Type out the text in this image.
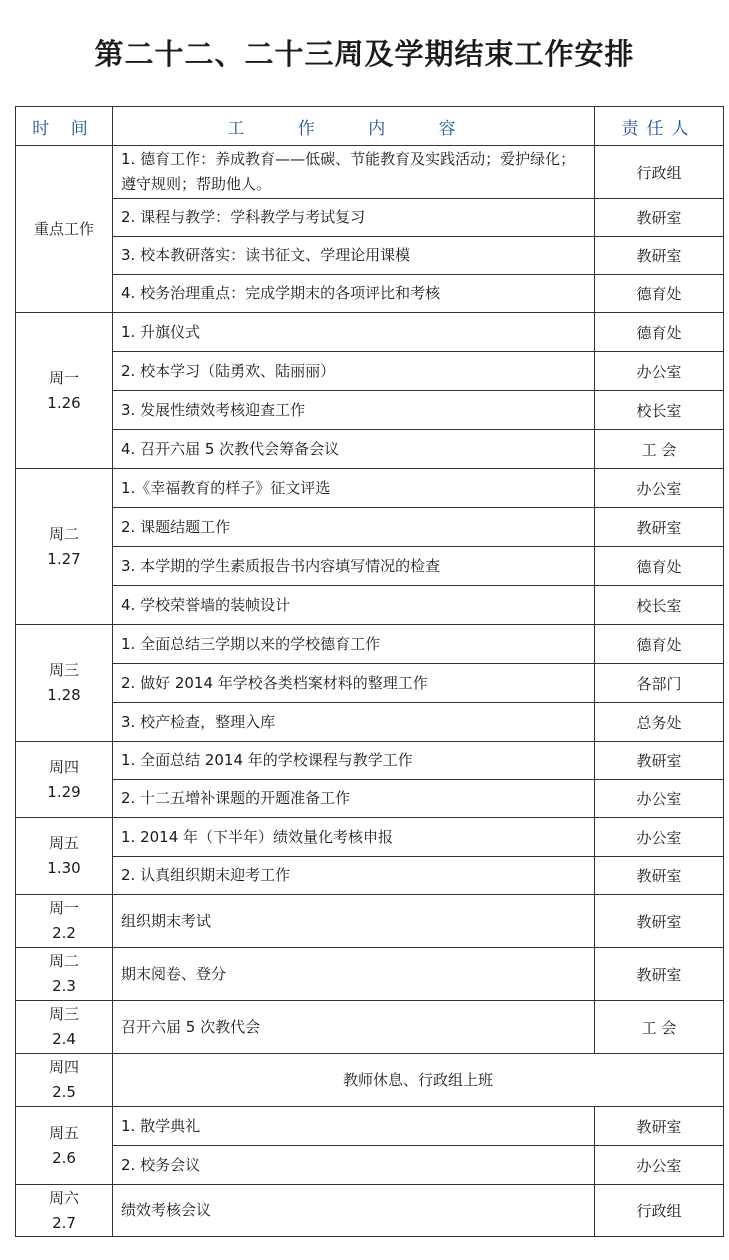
第二十二、二十三周及学期结束工作安排
时 间	工 作 内 容	责任人

重点工作	1. 德育工作：养成教育——低碳、节能教育及实践活动；爱护绿化；遵守规则；帮助他人。	行政组
	2. 课程与教学：学科教学与考试复习	教研室
	3. 校本教研落实：读书征文、学理论用课模	教研室
	4. 校务治理重点：完成学期末的各项评比和考核	德育处

周一
1.26	1. 升旗仪式	德育处
	2. 校本学习（陆勇欢、陆丽丽）	办公室
	3. 发展性绩效考核迎查工作	校长室
	4. 召开六届 5 次教代会筹备会议	工 会

周二
1.27	1.《幸福教育的样子》征文评选	办公室
	2. 课题结题工作	教研室
	3. 本学期的学生素质报告书内容填写情况的检查	德育处
	4. 学校荣誉墙的装帧设计	校长室

周三
1.28	1. 全面总结三学期以来的学校德育工作	德育处
	2. 做好 2014 年学校各类档案材料的整理工作	各部门
	3. 校产检查，整理入库	总务处

周四
1.29	1. 全面总结 2014 年的学校课程与教学工作	教研室
	2. 十二五增补课题的开题准备工作	办公室

周五
1.30	1. 2014 年（下半年）绩效量化考核申报	办公室
	2. 认真组织期末迎考工作	教研室

周一
2.2	组织期末考试	教研室

周二
2.3	期末阅卷、登分	教研室

周三
2.4	召开六届 5 次教代会	工 会

周四
2.5	教师休息、行政组上班	

周五
2.6	1. 散学典礼	教研室
	2. 校务会议	办公室

周六
2.7	绩效考核会议	行政组
